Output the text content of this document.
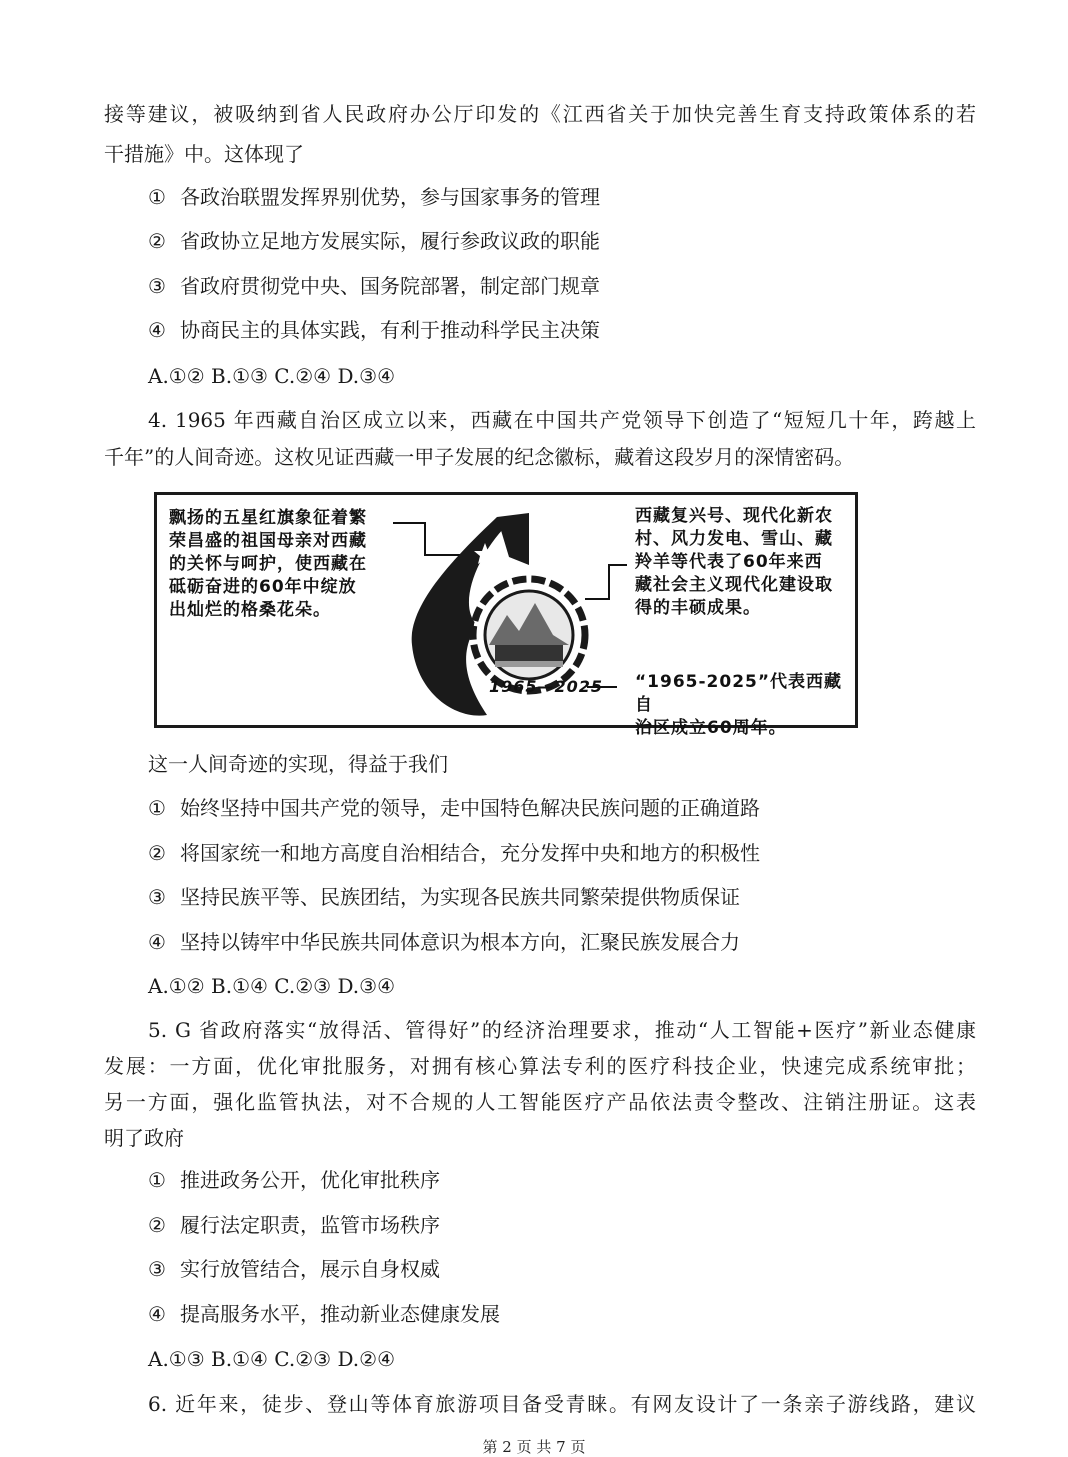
接等建议，被吸纳到省人民政府办公厅印发的《江西省关于加快完善生育支持政策体系的若
干措施》中。这体现了
① 各政治联盟发挥界别优势，参与国家事务的管理
② 省政协立足地方发展实际，履行参政议政的职能
③ 省政府贯彻党中央、国务院部署，制定部门规章
④ 协商民主的具体实践，有利于推动科学民主决策
A.①② B.①③ C.②④ D.③④
4. 1965 年西藏自治区成立以来，西藏在中国共产党领导下创造了“短短几十年，跨越上
千年”的人间奇迹。这枚见证西藏一甲子发展的纪念徽标，藏着这段岁月的深情密码。
飘扬的五星红旗象征着繁
荣昌盛的祖国母亲对西藏
的关怀与呵护，使西藏在
砥砺奋进的60年中绽放
出灿烂的格桑花朵。
1965—2025
西藏复兴号、现代化新农
村、风力发电、雪山、藏
羚羊等代表了60年来西
藏社会主义现代化建设取
得的丰硕成果。
“1965-2025”代表西藏自
治区成立60周年。
这一人间奇迹的实现，得益于我们
① 始终坚持中国共产党的领导，走中国特色解决民族问题的正确道路
② 将国家统一和地方高度自治相结合，充分发挥中央和地方的积极性
③ 坚持民族平等、民族团结，为实现各民族共同繁荣提供物质保证
④ 坚持以铸牢中华民族共同体意识为根本方向，汇聚民族发展合力
A.①② B.①④ C.②③ D.③④
5. G 省政府落实“放得活、管得好”的经济治理要求，推动“人工智能+医疗”新业态健康
发展：一方面，优化审批服务，对拥有核心算法专利的医疗科技企业，快速完成系统审批；
另一方面，强化监管执法，对不合规的人工智能医疗产品依法责令整改、注销注册证。这表
明了政府
① 推进政务公开，优化审批秩序
② 履行法定职责，监管市场秩序
③ 实行放管结合，展示自身权威
④ 提高服务水平，推动新业态健康发展
A.①③ B.①④ C.②③ D.②④
6. 近年来，徒步、登山等体育旅游项目备受青睐。有网友设计了一条亲子游线路，建议
第 2 页 共 7 页
